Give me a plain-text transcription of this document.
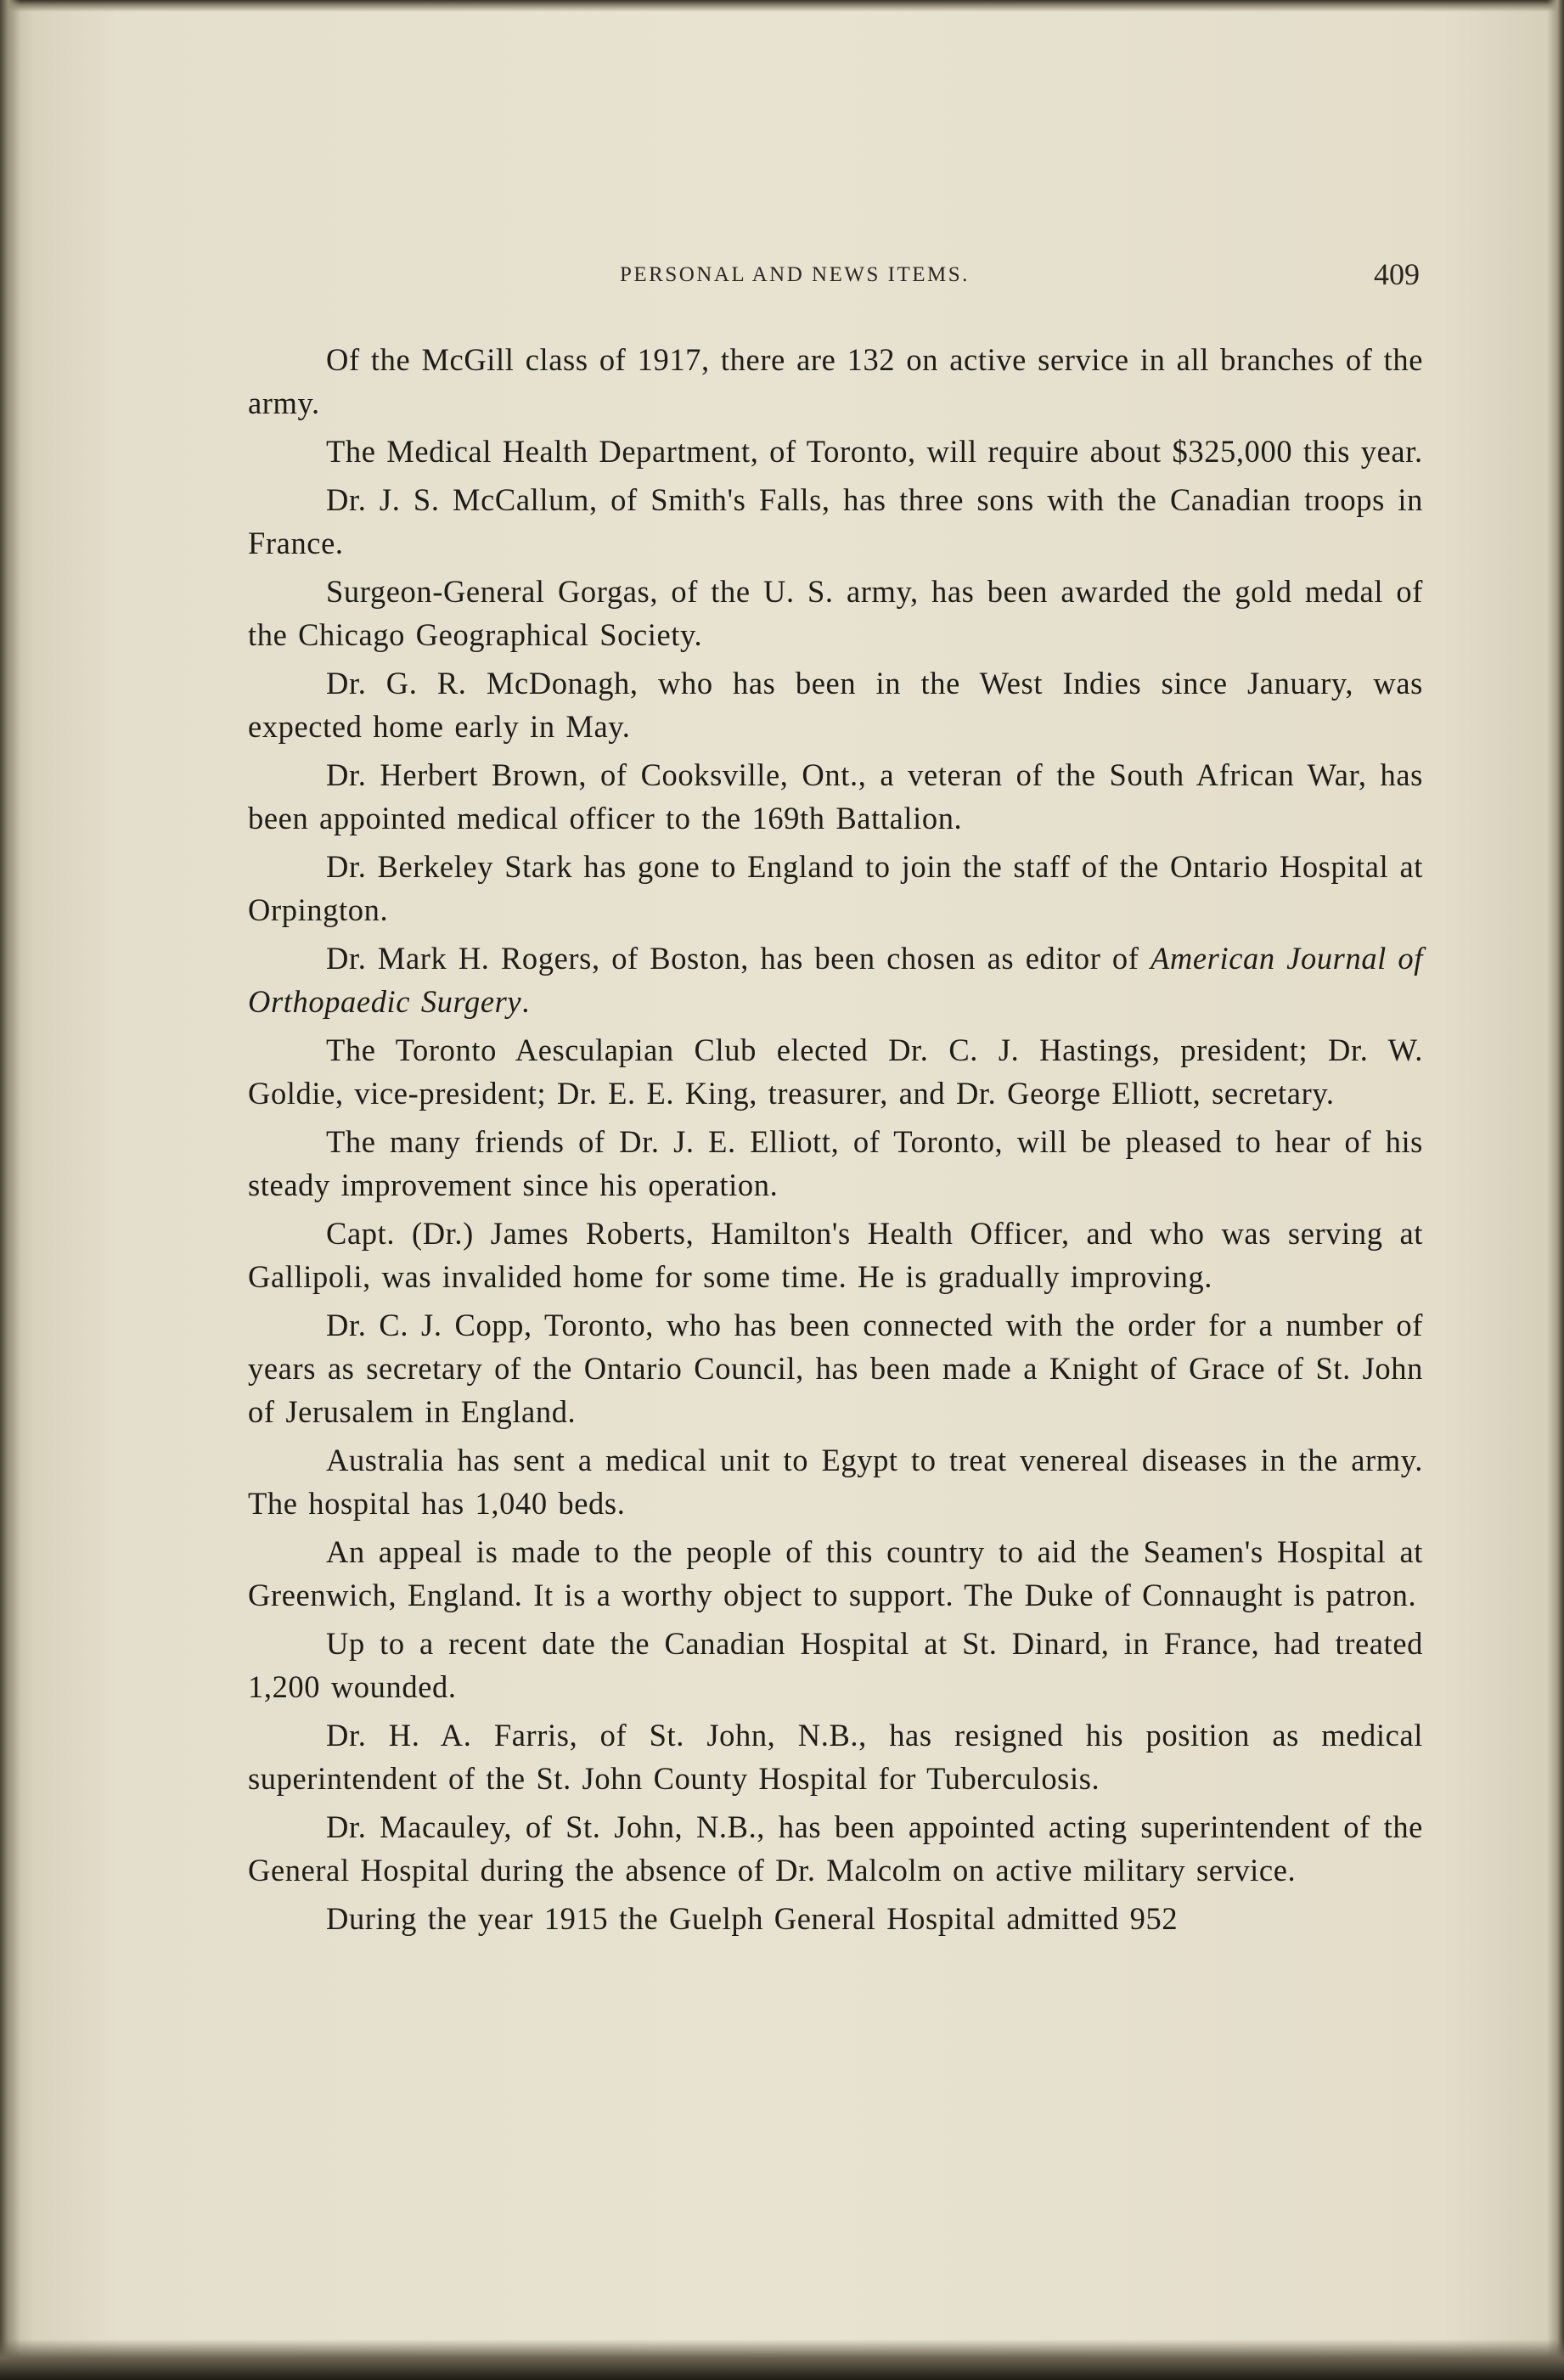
PERSONAL AND NEWS ITEMS.	409

Of the McGill class of 1917, there are 132 on active service in all branches of the army.

The Medical Health Department, of Toronto, will require about $325,000 this year.

Dr. J. S. McCallum, of Smith's Falls, has three sons with the Canadian troops in France.

Surgeon-General Gorgas, of the U. S. army, has been awarded the gold medal of the Chicago Geographical Society.

Dr. G. R. McDonagh, who has been in the West Indies since January, was expected home early in May.

Dr. Herbert Brown, of Cooksville, Ont., a veteran of the South African War, has been appointed medical officer to the 169th Battalion.

Dr. Berkeley Stark has gone to England to join the staff of the Ontario Hospital at Orpington.

Dr. Mark H. Rogers, of Boston, has been chosen as editor of American Journal of Orthopaedic Surgery.

The Toronto Aesculapian Club elected Dr. C. J. Hastings, president; Dr. W. Goldie, vice-president; Dr. E. E. King, treasurer, and Dr. George Elliott, secretary.

The many friends of Dr. J. E. Elliott, of Toronto, will be pleased to hear of his steady improvement since his operation.

Capt. (Dr.) James Roberts, Hamilton's Health Officer, and who was serving at Gallipoli, was invalided home for some time. He is gradually improving.

Dr. C. J. Copp, Toronto, who has been connected with the order for a number of years as secretary of the Ontario Council, has been made a Knight of Grace of St. John of Jerusalem in England.

Australia has sent a medical unit to Egypt to treat venereal diseases in the army. The hospital has 1,040 beds.

An appeal is made to the people of this country to aid the Seamen's Hospital at Greenwich, England. It is a worthy object to support. The Duke of Connaught is patron.

Up to a recent date the Canadian Hospital at St. Dinard, in France, had treated 1,200 wounded.

Dr. H. A. Farris, of St. John, N.B., has resigned his position as medical superintendent of the St. John County Hospital for Tuberculosis.

Dr. Macauley, of St. John, N.B., has been appointed acting superintendent of the General Hospital during the absence of Dr. Malcolm on active military service.

During the year 1915 the Guelph General Hospital admitted 952
